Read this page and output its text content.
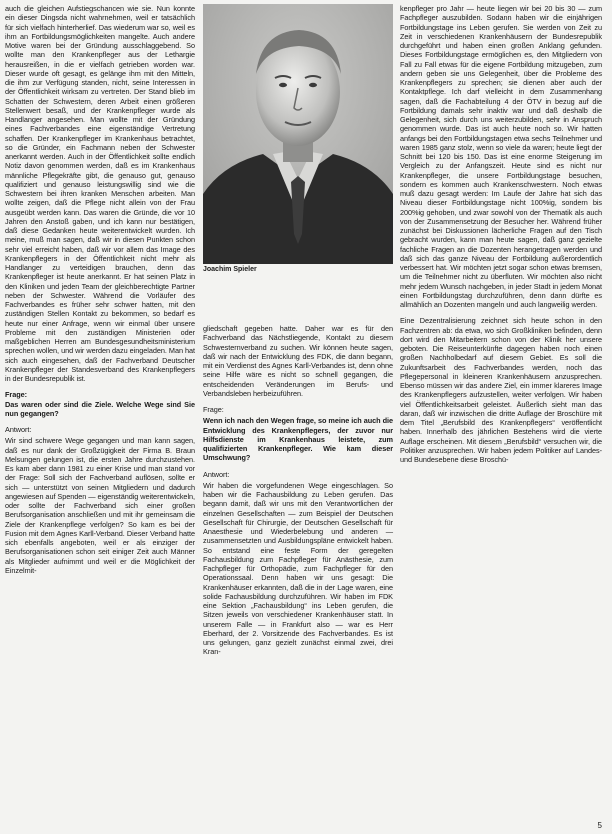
auch die gleichen Aufstiegschancen wie sie. Nun konnte ein dieser Dingsda nicht wahrnehmen, weil er tatsächlich für sich vielfach hinterherlief. Das wiederum war so, weil es ihm an Fortbildungsmöglichkeiten mangelte. Auch andere Motive waren bei der Gründung ausschlaggebend. So wollte man den Krankenpfleger aus der Lethargie herausreißen, in die er vielfach getrieben worden war. Dieser wurde oft gesagt, es gelänge ihm mit den Mitteln, die ihm zur Verfügung standen, nicht, seine Interessen in der Öffentlichkeit wirksam zu vertreten. Der Stand blieb im Schatten der Schwestern, deren Arbeit einen größeren Stellenwert besaß, und der Krankenpfleger wurde als Handlanger angesehen. Man wollte mit der Gründung eines Fachverbandes eine eigenständige Vertretung schaffen. Der Krankenpfleger im Krankenhaus betrachtet, so die Gründer, ein Fachmann neben der Schwester anerkannt werden. Auch in der Öffentlichkeit sollte endlich Notiz davon genommen werden, daß es im Krankenhaus männliche Pflegekräfte gibt, die genauso gut, genauso qualifiziert und genauso leistungswillig sind wie die Schwestern bei ihren kranken Menschen arbeiten. Man wollte zeigen, daß die Pflege nicht allein von der Frau ausgeübt werden kann. Das waren die Gründe, die vor 10 Jahren den Anstoß gaben, und ich kann nur bestätigen, daß diese Gedanken heute weiterentwickelt wurden. Ich meine, muß man sagen, daß wir in diesen Punkten schon sehr viel erreicht haben, daß wir vor allem das Image des Krankenpflegers in der Öffentlichkeit nicht mehr als Handlanger zu verteidigen brauchen, denn das Krankenpfleger ist heute anerkannt. Er hat seinen Platz in den Kliniken und jeden Team der gleichberechtigte Partner neben der Schwester. Während die Vorläufer des Fachverbandes es früher sehr schwer hatten, mit den zuständigen Stellen Kontakt zu bekommen, so bedarf es heute nur einer Anfrage, wenn wir einmal über unsere Probleme mit den zuständigen Ministerien oder maßgeblichen Herren am Bundesgesundheitsministerium sprechen wollen, und wir werden dazu eingeladen. Man hat sich auch eingesehen, daß der Fachverband Deutscher Krankenpfleger der Standesverband des Krankenpflegers in der Bundesrepublik ist.

Frage:
Das waren oder sind die Ziele. Welche Wege sind Sie nun gegangen?

Antwort:

Wir sind schwere Wege gegangen und man kann sagen, daß es nur dank der Großzügigkeit der Firma B. Braun Melsungen gelungen ist, die ersten Jahre durchzustehen. Es kam aber dann 1981 zu einer Krise und man stand vor der Frage: Soll sich der Fachverband auflösen, sollte er sich — unterstützt von seinen Mitgliedern und dadurch angewiesen auf Spenden — eigenständig weiterentwickeln, oder sollte der Fachverband sich einer großen Berufsorganisation anschließen und mit ihr gemeinsam die Ziele der Krankenpflege verfolgen? So kam es bei der Fusion mit dem Agnes Karll-Verband. Dieser Verband hatte sich ebenfalls angeboten, weil er als einziger der Berufsorganisationen schon seit einiger Zeit auch Männer als Mitglieder aufnimmt und weil er die Möglichkeit der Einzelmit-

Joachim Spieler

gliedschaft gegeben hatte. Daher war es für den Fachverband das Nächstliegende, Kontakt zu diesem Schwesternverband zu suchen. Wir können heute sagen, daß wir nach der Entwicklung des FDK, die dann begann, mit ein Verdienst des Agnes Karll-Verbandes ist, denn ohne seine Hilfe wäre es nicht so schnell gegangen, die entscheidenden Veränderungen im Berufs- und Verbandsleben herbeizuführen.

Frage:

Wenn ich nach den Wegen frage, so meine ich auch die Entwicklung des Krankenpflegers, der zuvor nur Hilfsdienste im Krankenhaus leistete, zum qualifizierten Krankenpfleger. Wie kam dieser Umschwung?

Antwort:

Wir haben die vorgefundenen Wege eingeschlagen. So haben wir die Fachausbildung zu Leben gerufen. Das begann damit, daß wir uns mit den Verantwortlichen der einzelnen Gesellschaften — zum Beispiel der Deutschen Gesellschaft für Chirurgie, der Deutschen Gesellschaft für Anaesthesie und Wiederbelebung und anderen — zusammensetzten und Ausbildungspläne entwickelt haben. So entstand eine feste Form der geregelten Fachausbildung zum Fachpfleger für Anästhesie, zum Fachpfleger für Orthopädie, zum Fachpfleger für den Operationssaal. Denn haben wir uns gesagt: Die Krankenhäuser erkannten, daß die in der Lage waren, eine solide Fachausbildung durchzuführen. Wir haben im FDK eine Sektion „Fachausbildung“ ins Leben gerufen, die Sitzen jeweils von verschiedener Krankenhäuser statt. In unserem Falle — in Frankfurt also — war es Herr Eberhard, der 2. Vorsitzende des Fachverbandes. Es ist uns gelungen, ganz gezielt zunächst einmal zwei, drei Kran-

kenpfleger pro Jahr — heute liegen wir bei 20 bis 30 — zum Fachpfleger auszubilden. Sodann haben wir die einjährigen Fortbildungstage ins Leben gerufen. Sie werden von Zeit zu Zeit in verschiedenen Krankenhäusern der Bundesrepublik durchgeführt und haben einen großen Anklang gefunden. Dieses Fortbildungstage ermöglichen es, den Mitgliedern von Fall zu Fall etwas für die eigene Fortbildung mitzugeben, zum andern geben sie uns Gelegenheit, über die Probleme des Krankenpflegers zu sprechen; sie dienen aber auch der Kontaktpflege. Ich darf vielleicht in dem Zusammenhang sagen, daß die Fachabteilung 4 der ÖTV in bezug auf die Fortbildung damals sehr inaktiv war und daß deshalb die Gelegenheit, sich durch uns weiterzubilden, sehr in Anspruch genommen wurde. Das ist auch heute noch so. Wir hatten anfangs bei den Fortbildungstagen etwa sechs Teilnehmer und waren 1985 ganz stolz, wenn so viele da waren; heute liegt der Schnitt bei 120 bis 150. Das ist eine enorme Steigerung im Vergleich zu der Anfangszeit. Heute sind es nicht nur Krankenpfleger, die unsere Fortbildungstage besuchen, sondern es kommen auch Krankenschwestern. Noch etwas muß dazu gesagt werden: Im Laufe der Jahre hat sich das Niveau dieser Fortbildungstage nicht 100%ig, sondern bis 200%ig gehoben, und zwar sowohl von der Thematik als auch von der Zusammensetzung der Besucher her. Während früher zunächst bei Diskussionen lächerliche Fragen auf den Tisch gebracht wurden, kann man heute sagen, daß ganz gezielte fachliche Fragen an die Dozenten herangetragen werden und daß sich das ganze Niveau der Fortbildung außerordentlich verbessert hat. Wir möchten jetzt sogar schon etwas bremsen, um die Teilnehmer nicht zu überfluten. Wir möchten also nicht mehr jedem Wunsch nachgeben, in jeder Stadt in jedem Monat einen Fortbildungstag durchzuführen, denn dann dürfte es allmählich an Dozenten mangeln und auch langweilig werden.

Eine Dezentralisierung zeichnet sich heute schon in den Fachzentren ab: da etwa, wo sich Großkliniken befinden, denn dort wird den Mitarbeitern schon von der Klinik her unsere geboten. Die Reiseunterkünfte dagegen haben noch einen großen Nachholbedarf auf diesem Gebiet. Es soll die Zukunftsarbeit des Fachverbandes werden, noch das Pflegepersonal in kleineren Krankenhäusern anzusprechen. Ebenso müssen wir das andere Ziel, ein immer klareres Image des Krankenpflegers aufzustellen, weiter verfolgen. Wir haben viel Öffentlichkeitsarbeit geleistet. Äußerlich sieht man das daran, daß wir inzwischen die dritte Auflage der Broschüre mit dem Titel „Berufsbild des Krankenpflegers“ veröffentlicht haben. Innerhalb des jährlichen Bestehens wird die vierte Auflage erscheinen. Mit diesem „Berufsbild“ versuchen wir, die Politiker anzusprechen. Wir haben jedem Politiker auf Landes- und Bundesebene diese Broschü-

5
